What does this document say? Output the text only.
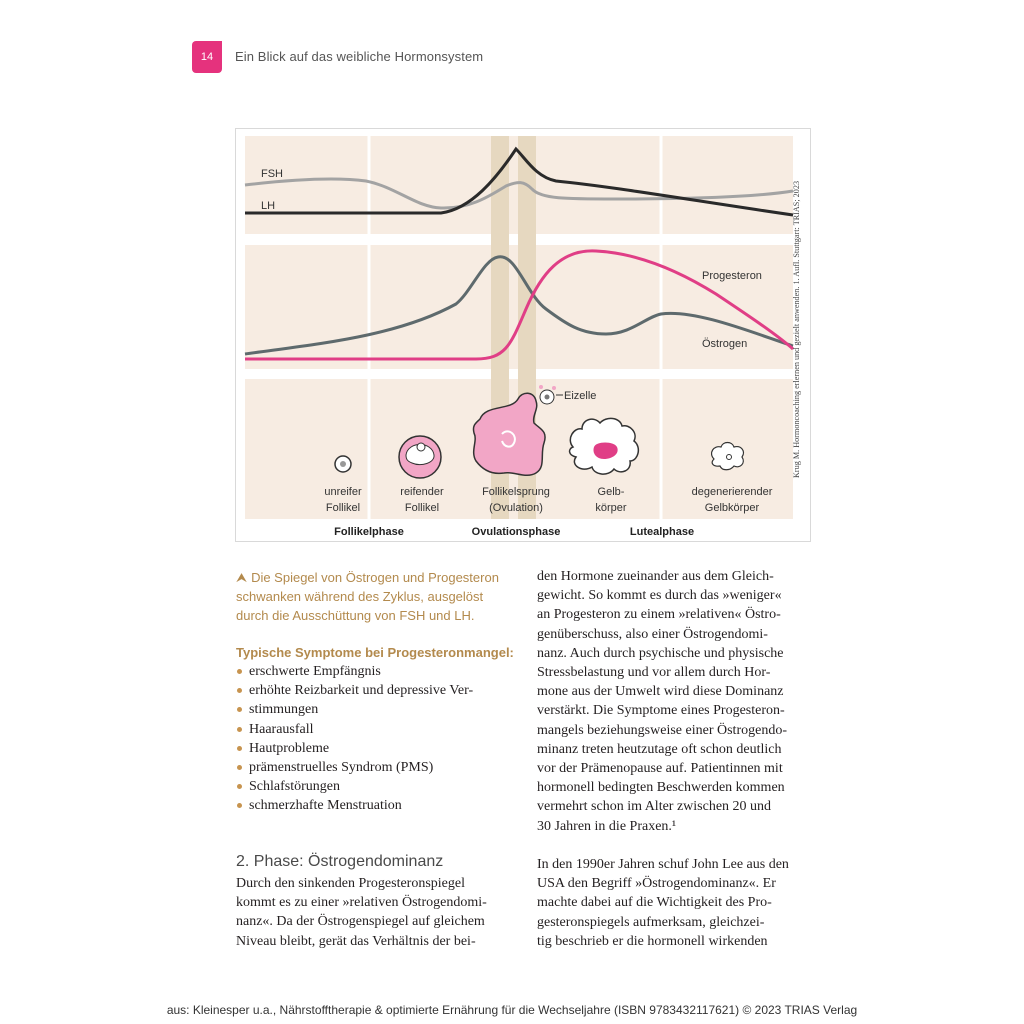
14 Ein Blick auf das weibliche Hormonsystem
FSH
LH
Progesteron
Östrogen
Eizelle
unreifer
Follikel
reifender
Follikel
Follikelsprung
(Ovulation)
Gelb-
körper
degenerierender
Gelbkörper
Follikelphase	Ovulationsphase	Lutealphase
Krug M. Hormoncoaching erlernen und gezielt anwenden. 1. Aufl. Stuttgart: TRIAS; 2023
⮝ Die Spiegel von Östrogen und Progesteron
schwanken während des Zyklus, ausgelöst
durch die Ausschüttung von FSH und LH.
Typische Symptome bei Progesteronmangel:
erschwerte Empfängnis
erhöhte Reizbarkeit und depressive Ver-
stimmungen
Haarausfall
Hautprobleme
prämenstruelles Syndrom (PMS)
Schlafstörungen
schmerzhafte Menstruation
2. Phase: Östrogendominanz
Durch den sinkenden Progesteronspiegel
kommt es zu einer »relativen Östrogendomi-
nanz«. Da der Östrogenspiegel auf gleichem
Niveau bleibt, gerät das Verhältnis der bei-
den Hormone zueinander aus dem Gleich-
gewicht. So kommt es durch das »weniger«
an Progesteron zu einem »relativen« Östro-
genüberschuss, also einer Östrogendomi-
nanz. Auch durch psychische und physische
Stressbelastung und vor allem durch Hor-
mone aus der Umwelt wird diese Dominanz
verstärkt. Die Symptome eines Progesteron-
mangels beziehungsweise einer Östrogendo-
minanz treten heutzutage oft schon deutlich
vor der Prämenopause auf. Patientinnen mit
hormonell bedingten Beschwerden kommen
vermehrt schon im Alter zwischen 20 und
30 Jahren in die Praxen.¹
In den 1990er Jahren schuf John Lee aus den
USA den Begriff »Östrogendominanz«. Er
machte dabei auf die Wichtigkeit des Pro-
gesteronspiegels aufmerksam, gleichzei-
tig beschrieb er die hormonell wirkenden
aus: Kleinesper u.a., Nährstofftherapie & optimierte Ernährung für die Wechseljahre (ISBN 9783432117621) © 2023 TRIAS Verlag
